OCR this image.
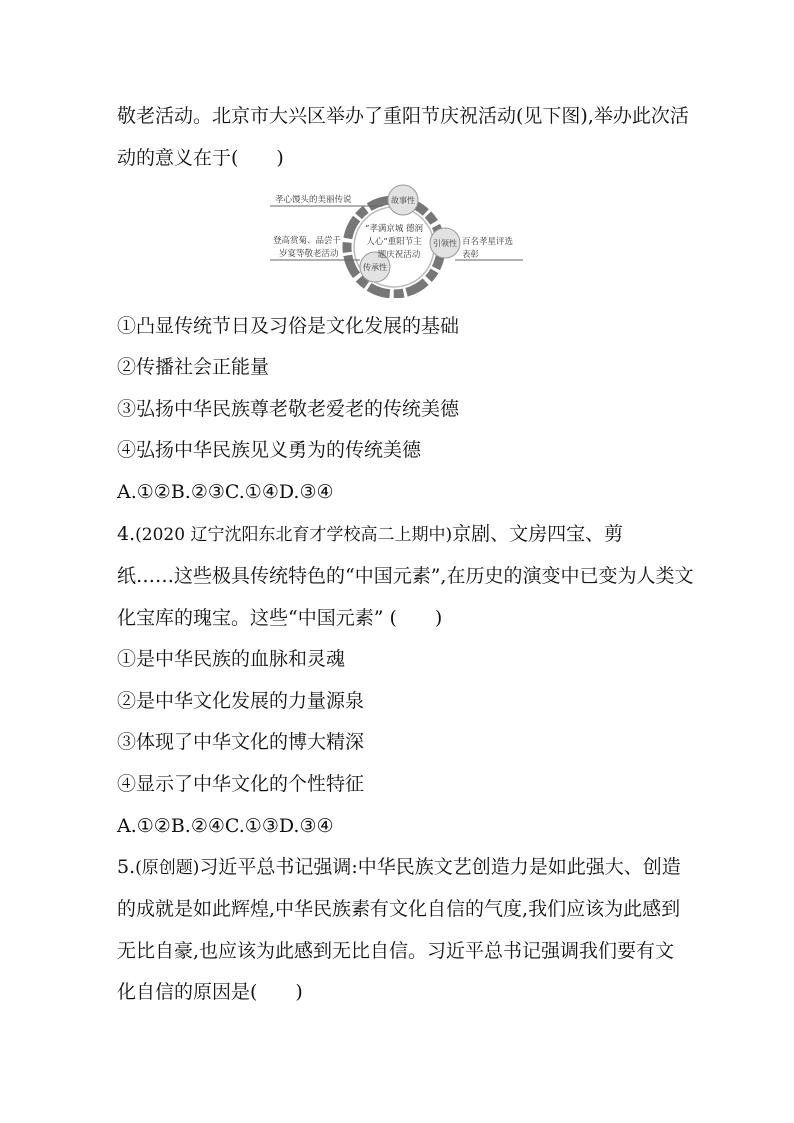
敬老活动。北京市大兴区举办了重阳节庆祝活动(见下图),举办此次活

动的意义在于(　　)

孝心馒头的美丽传说
登高赏菊、品尝千
岁宴等敬老活动
“孝满京城 德润
人心”重阳节主
题庆祝活动
百名孝星评选
表彰
故事性
传承性
引领性

①凸显传统节日及习俗是文化发展的基础

②传播社会正能量

③弘扬中华民族尊老敬老爱老的传统美德

④弘扬中华民族见义勇为的传统美德

A.①②B.②③C.①④D.③④

4.(2020 辽宁沈阳东北育才学校高二上期中)京剧、文房四宝、剪

纸……这些极具传统特色的“中国元素”,在历史的演变中已变为人类文

化宝库的瑰宝。这些“中国元素” (　　)

①是中华民族的血脉和灵魂

②是中华文化发展的力量源泉

③体现了中华文化的博大精深

④显示了中华文化的个性特征

A.①②B.②④C.①③D.③④

5.(原创题)习近平总书记强调:中华民族文艺创造力是如此强大、创造

的成就是如此辉煌,中华民族素有文化自信的气度,我们应该为此感到

无比自豪,也应该为此感到无比自信。习近平总书记强调我们要有文

化自信的原因是(　　)
